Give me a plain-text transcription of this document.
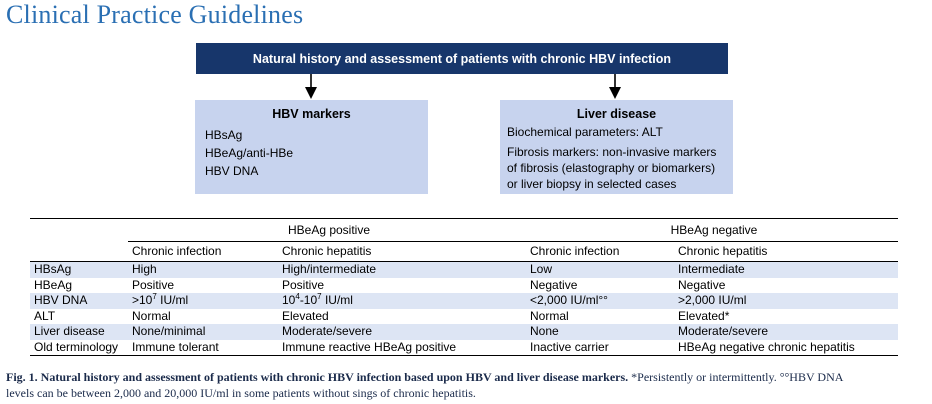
Clinical Practice Guidelines
Natural history and assessment of patients with chronic HBV infection
HBV markers
HBsAg
HBeAg/anti-HBe
HBV DNA
Liver disease
Biochemical parameters: ALT
Fibrosis markers: non-invasive markers
of fibrosis (elastography or biomarkers)
or liver biopsy in selected cases
	HBeAg positive		HBeAg negative	
	Chronic infection	Chronic hepatitis	Chronic infection	Chronic hepatitis
HBsAg	High	High/intermediate	Low	Intermediate
HBeAg	Positive	Positive	Negative	Negative
HBV DNA	$>10^7$ IU/ml	$10^4-10^7$ IU/ml	<2,000 IU/ml°°	>2,000 IU/ml
ALT	Normal	Elevated	Normal	Elevated*
Liver disease	None/minimal	Moderate/severe	None	Moderate/severe
Old terminology	Immune tolerant	Immune reactive HBeAg positive	Inactive carrier	HBeAg negative chronic hepatitis
Fig. 1. Natural history and assessment of patients with chronic HBV infection based upon HBV and liver disease markers. *Persistently or intermittently. °°HBV DNA
levels can be between 2,000 and 20,000 IU/ml in some patients without sings of chronic hepatitis.
